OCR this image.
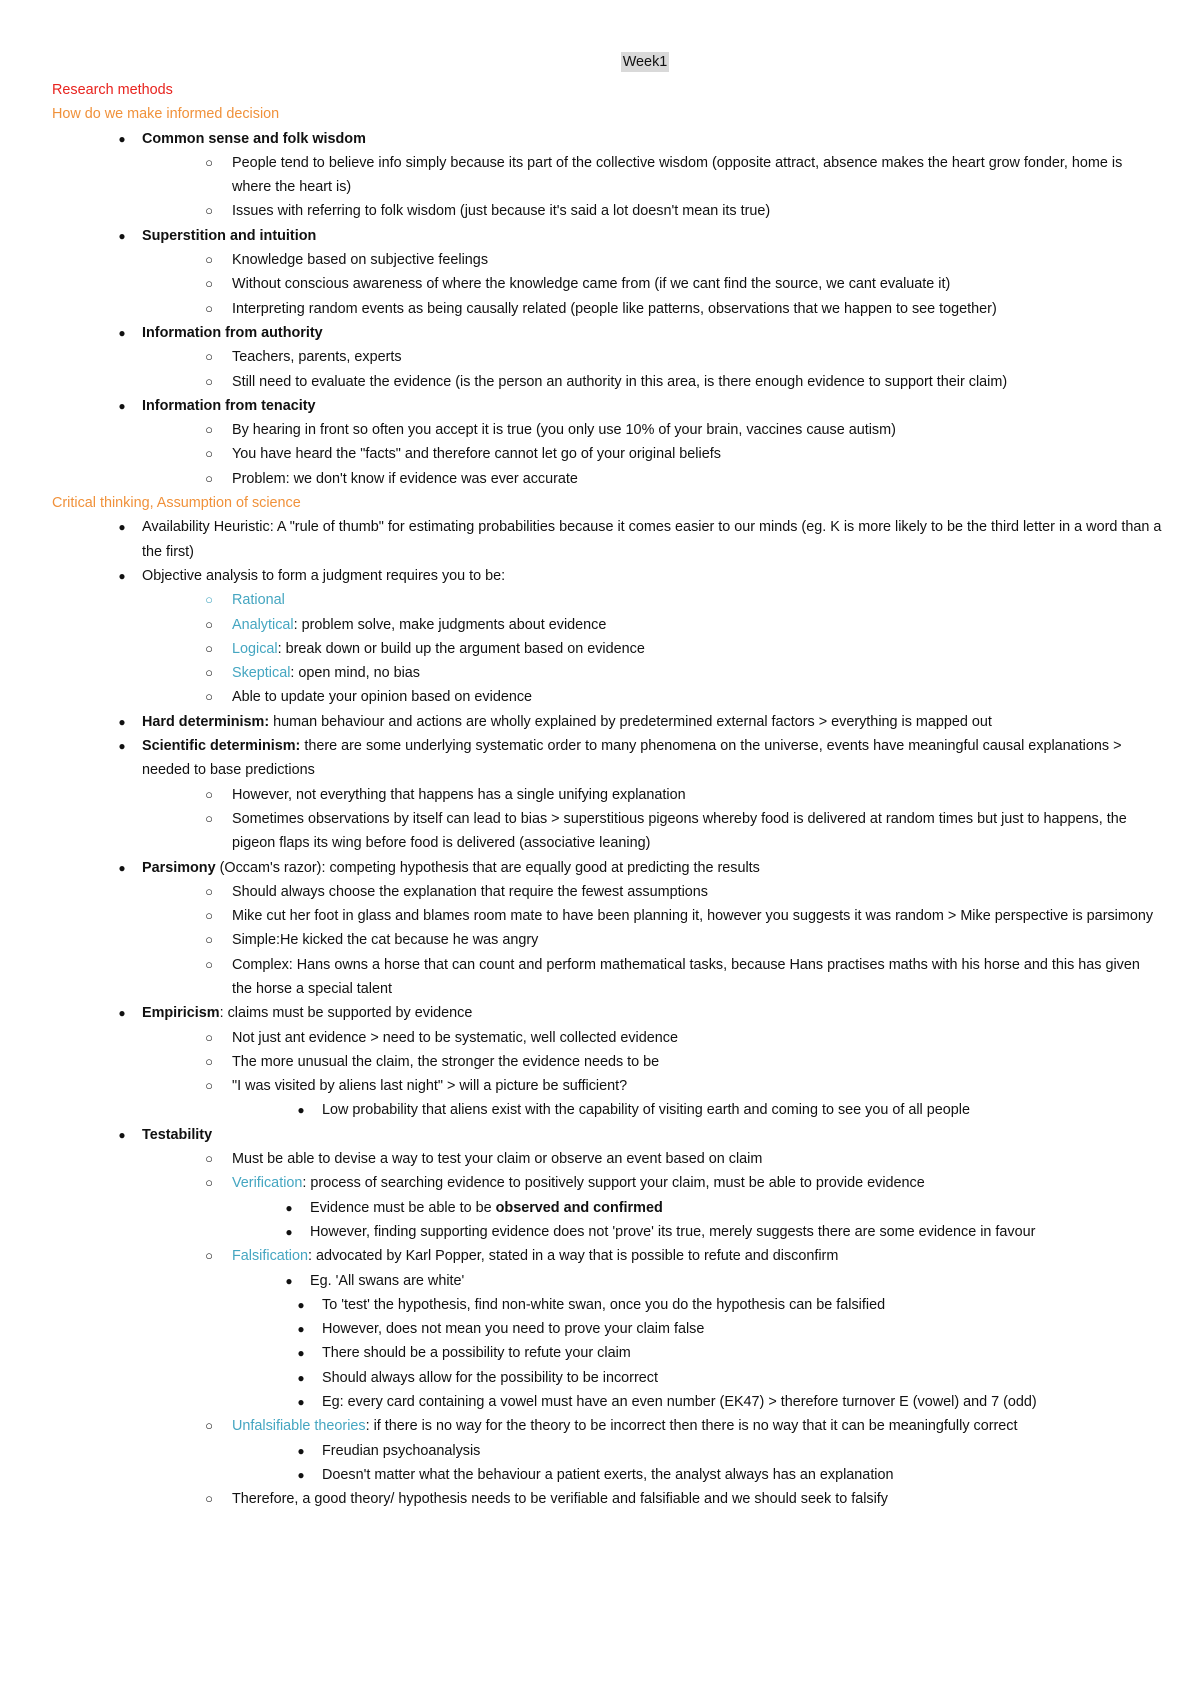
Week1
Research methods
How do we make informed decision
● Common sense and folk wisdom
○ People tend to believe info simply because its part of the collective wisdom (opposite attract, absence makes the heart grow fonder, home is where the heart is)
○ Issues with referring to folk wisdom (just because it's said a lot doesn't mean its true)
● Superstition and intuition
○ Knowledge based on subjective feelings
○ Without conscious awareness of where the knowledge came from (if we cant find the source, we cant evaluate it)
○ Interpreting random events as being causally related (people like patterns, observations that we happen to see together)
● Information from authority
○ Teachers, parents, experts
○ Still need to evaluate the evidence (is the person an authority in this area, is there enough evidence to support their claim)
● Information from tenacity
○ By hearing in front so often you accept it is true (you only use 10% of your brain, vaccines cause autism)
○ You have heard the "facts" and therefore cannot let go of your original beliefs
○ Problem: we don't know if evidence was ever accurate
Critical thinking, Assumption of science
● Availability Heuristic: A "rule of thumb" for estimating probabilities because it comes easier to our minds (eg. K is more likely to be the third letter in a word than a the first)
● Objective analysis to form a judgment requires you to be:
○ Rational
○ Analytical: problem solve, make judgments about evidence
○ Logical: break down or build up the argument based on evidence
○ Skeptical: open mind, no bias
○ Able to update your opinion based on evidence
● Hard determinism: human behaviour and actions are wholly explained by predetermined external factors > everything is mapped out
● Scientific determinism: there are some underlying systematic order to many phenomena on the universe, events have meaningful causal explanations > needed to base predictions
○ However, not everything that happens has a single unifying explanation
○ Sometimes observations by itself can lead to bias > superstitious pigeons whereby food is delivered at random times but just to happens, the pigeon flaps its wing before food is delivered (associative leaning)
● Parsimony (Occam's razor): competing hypothesis that are equally good at predicting the results
○ Should always choose the explanation that require the fewest assumptions
○ Mike cut her foot in glass and blames room mate to have been planning it, however you suggests it was random > Mike perspective is parsimony
○ Simple:He kicked the cat because he was angry
○ Complex: Hans owns a horse that can count and perform mathematical tasks, because Hans practises maths with his horse and this has given the horse a special talent
● Empiricism: claims must be supported by evidence
○ Not just ant evidence > need to be systematic, well collected evidence
○ The more unusual the claim, the stronger the evidence needs to be
○ "I was visited by aliens last night" > will a picture be sufficient?
● Low probability that aliens exist with the capability of visiting earth and coming to see you of all people
● Testability
○ Must be able to devise a way to test your claim or observe an event based on claim
○ Verification: process of searching evidence to positively support your claim, must be able to provide evidence
● Evidence must be able to be observed and confirmed
● However, finding supporting evidence does not 'prove' its true, merely suggests there are some evidence in favour
○ Falsification: advocated by Karl Popper, stated in a way that is possible to refute and disconfirm
● Eg. 'All swans are white'
● To 'test' the hypothesis, find non-white swan, once you do the hypothesis can be falsified
● However, does not mean you need to prove your claim false
● There should be a possibility to refute your claim
● Should always allow for the possibility to be incorrect
● Eg: every card containing a vowel must have an even number (EK47) > therefore turnover E (vowel) and 7 (odd)
○ Unfalsifiable theories: if there is no way for the theory to be incorrect then there is no way that it can be meaningfully correct
● Freudian psychoanalysis
● Doesn't matter what the behaviour a patient exerts, the analyst always has an explanation
○ Therefore, a good theory/ hypothesis needs to be verifiable and falsifiable and we should seek to falsify
